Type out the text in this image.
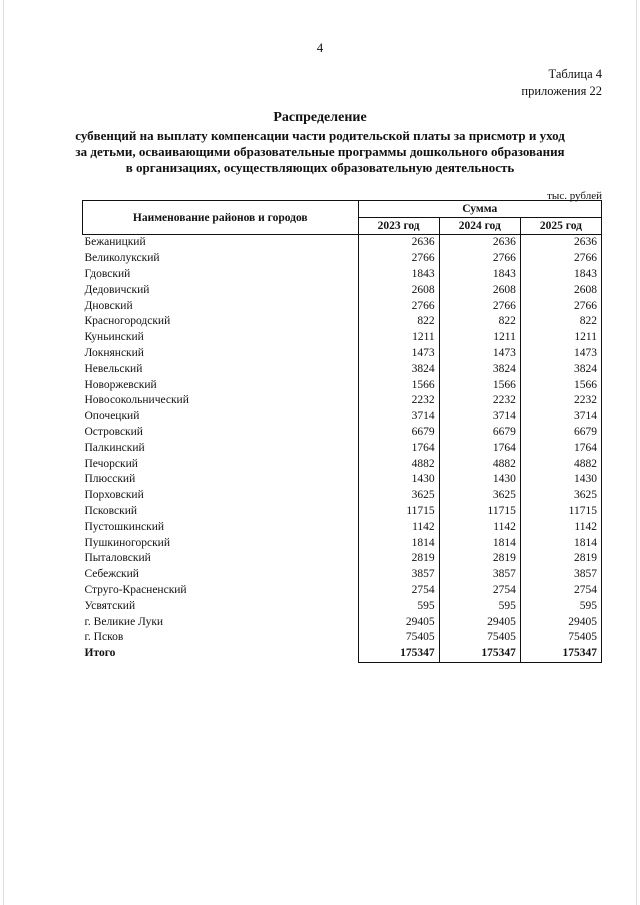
4
Таблица 4
приложения 22
Распределение
субвенций на выплату компенсации части родительской платы за присмотр и уход
за детьми, осваивающими образовательные программы дошкольного образования
в организациях, осуществляющих образовательную деятельность
тыс. рублей
Наименование районов и городов	Сумма		
	2023 год	2024 год	2025 год
Бежаницкий	2636	2636	2636
Великолукский	2766	2766	2766
Гдовский	1843	1843	1843
Дедовичский	2608	2608	2608
Дновский	2766	2766	2766
Красногородский	822	822	822
Куньинский	1211	1211	1211
Локнянский	1473	1473	1473
Невельский	3824	3824	3824
Новоржевский	1566	1566	1566
Новосокольнический	2232	2232	2232
Опочецкий	3714	3714	3714
Островский	6679	6679	6679
Палкинский	1764	1764	1764
Печорский	4882	4882	4882
Плюсский	1430	1430	1430
Порховский	3625	3625	3625
Псковский	11715	11715	11715
Пустошкинский	1142	1142	1142
Пушкиногорский	1814	1814	1814
Пыталовский	2819	2819	2819
Себежский	3857	3857	3857
Струго-Красненский	2754	2754	2754
Усвятский	595	595	595
г. Великие Луки	29405	29405	29405
г. Псков	75405	75405	75405
Итого	175347	175347	175347
